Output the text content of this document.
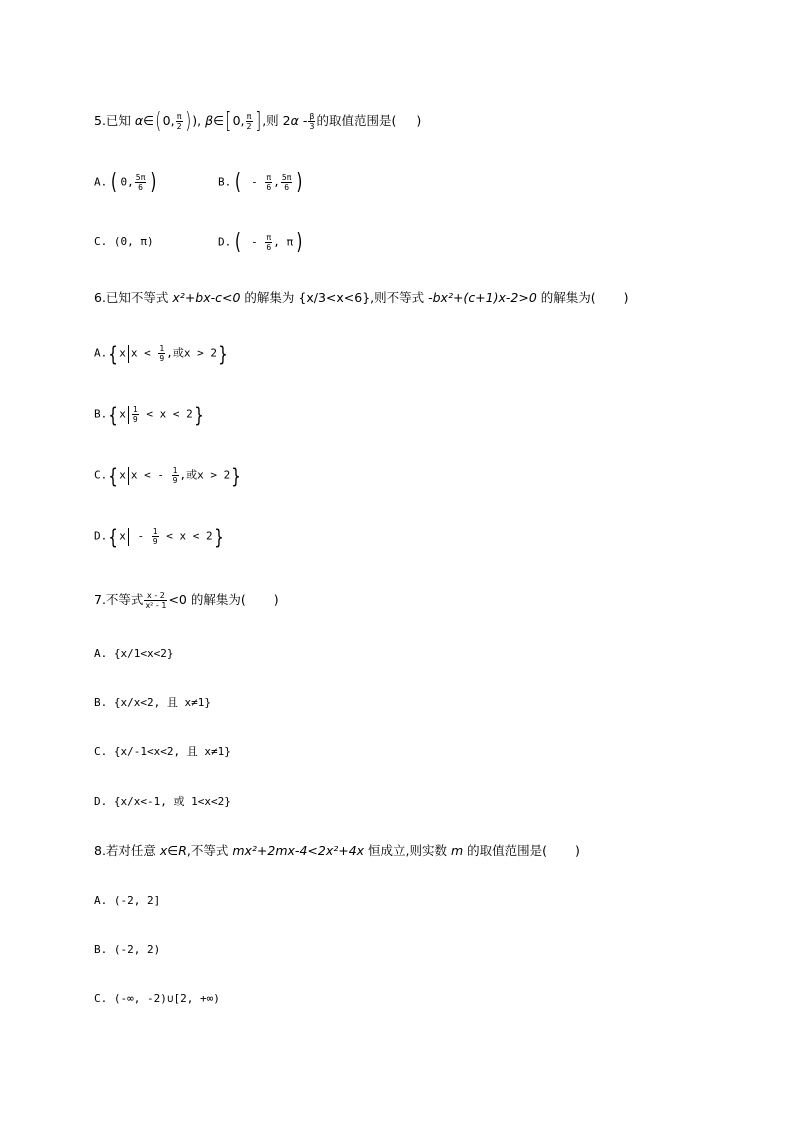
5.已知 α∈(0, $\frac{\pi}{2}$ )), β∈[0, $\frac{\pi}{2}$ ],则 $2\alpha - \frac{\beta}{3}$ 的取值范围是( )
A.( 0, $\frac{5\pi}{6}$ )	$B.( - \frac{\pi}{6}$ , $\frac{5\pi}{6}$ )
C. (0, π)	$D.( - \frac{\pi}{6}$ , π)
6.已知不等式 x²+bx-c<0 的解集为 {x/3<x<6},则不等式 -bx²+(c+1)x-2>0 的解集为( )
A.{ x $x < \frac{1}{9}$ ,或x > 2}
B.{ x $\frac{1}{9} < x < 2$}
C.{ x x < - $\frac{1}{9}$ ,或x > 2}
D.{ $x - \frac{1}{9} < x < 2$}
7.不等式 $\frac{x - 2}{\text{x² - 1}} <0$ 的解集为( )
A. {x/1<x<2}
B. {x/x<2, 且 x≠1}
C. {x/-1<x<2, 且 x≠1}
D. {x/x<-1, 或 1<x<2}
8.若对任意 x∈R,不等式 mx²+2mx-4<2x²+4x 恒成立,则实数 m 的取值范围是( )
A. (-2, 2]
B. (-2, 2)
C. (-∞, -2)∪[2, +∞)
